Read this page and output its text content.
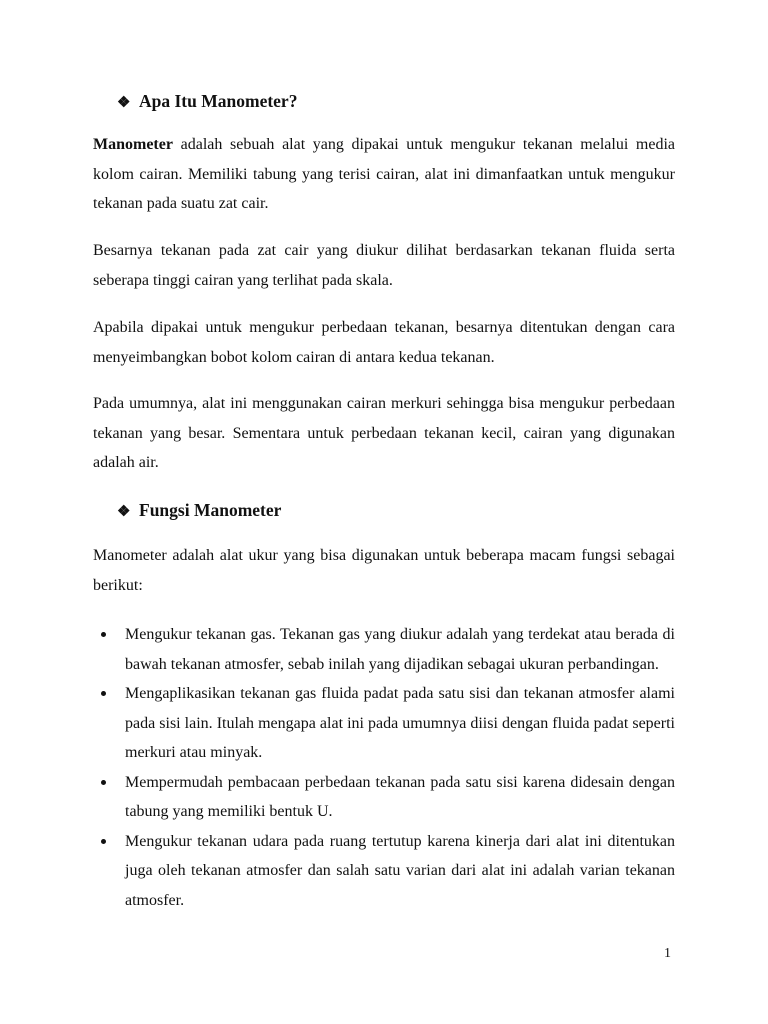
❖ Apa Itu Manometer?

Manometer adalah sebuah alat yang dipakai untuk mengukur tekanan melalui media kolom cairan. Memiliki tabung yang terisi cairan, alat ini dimanfaatkan untuk mengukur tekanan pada suatu zat cair.

Besarnya tekanan pada zat cair yang diukur dilihat berdasarkan tekanan fluida serta seberapa tinggi cairan yang terlihat pada skala.

Apabila dipakai untuk mengukur perbedaan tekanan, besarnya ditentukan dengan cara menyeimbangkan bobot kolom cairan di antara kedua tekanan.

Pada umumnya, alat ini menggunakan cairan merkuri sehingga bisa mengukur perbedaan tekanan yang besar. Sementara untuk perbedaan tekanan kecil, cairan yang digunakan adalah air.

❖ Fungsi Manometer

Manometer adalah alat ukur yang bisa digunakan untuk beberapa macam fungsi sebagai berikut:

Mengukur tekanan gas. Tekanan gas yang diukur adalah yang terdekat atau berada di bawah tekanan atmosfer, sebab inilah yang dijadikan sebagai ukuran perbandingan.
Mengaplikasikan tekanan gas fluida padat pada satu sisi dan tekanan atmosfer alami pada sisi lain. Itulah mengapa alat ini pada umumnya diisi dengan fluida padat seperti merkuri atau minyak.
Mempermudah pembacaan perbedaan tekanan pada satu sisi karena didesain dengan tabung yang memiliki bentuk U.
Mengukur tekanan udara pada ruang tertutup karena kinerja dari alat ini ditentukan juga oleh tekanan atmosfer dan salah satu varian dari alat ini adalah varian tekanan atmosfer.
1
